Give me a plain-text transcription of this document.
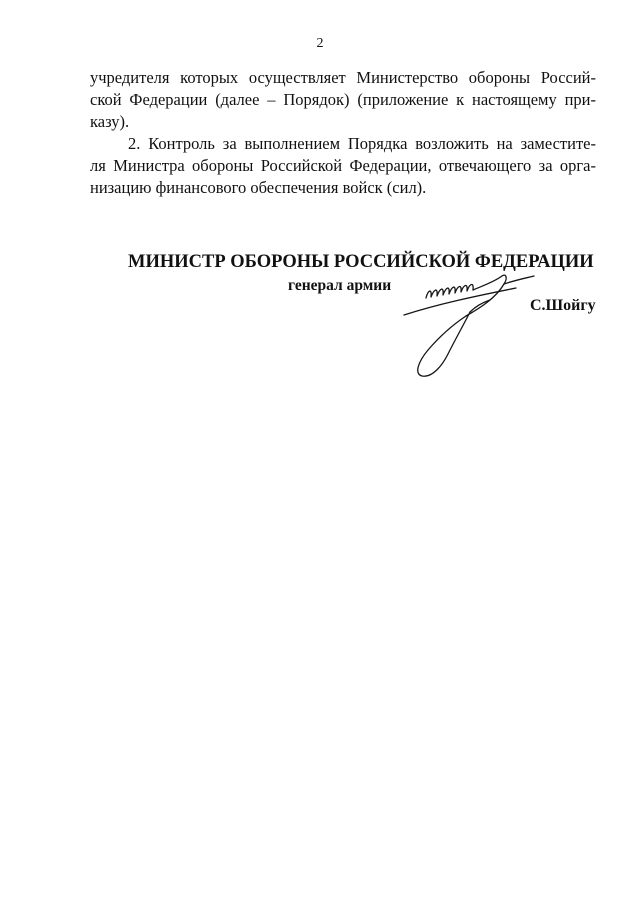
2
учредителя которых осуществляет Министерство обороны Россий-
ской Федерации (далее – Порядок) (приложение к настоящему при-
казу).
2. Контроль за выполнением Порядка возложить на заместите-
ля Министра обороны Российской Федерации, отвечающего за орга-
низацию финансового обеспечения войск (сил).
МИНИСТР ОБОРОНЫ РОССИЙСКОЙ ФЕДЕРАЦИИ
генерал армии
С.Шойгу
